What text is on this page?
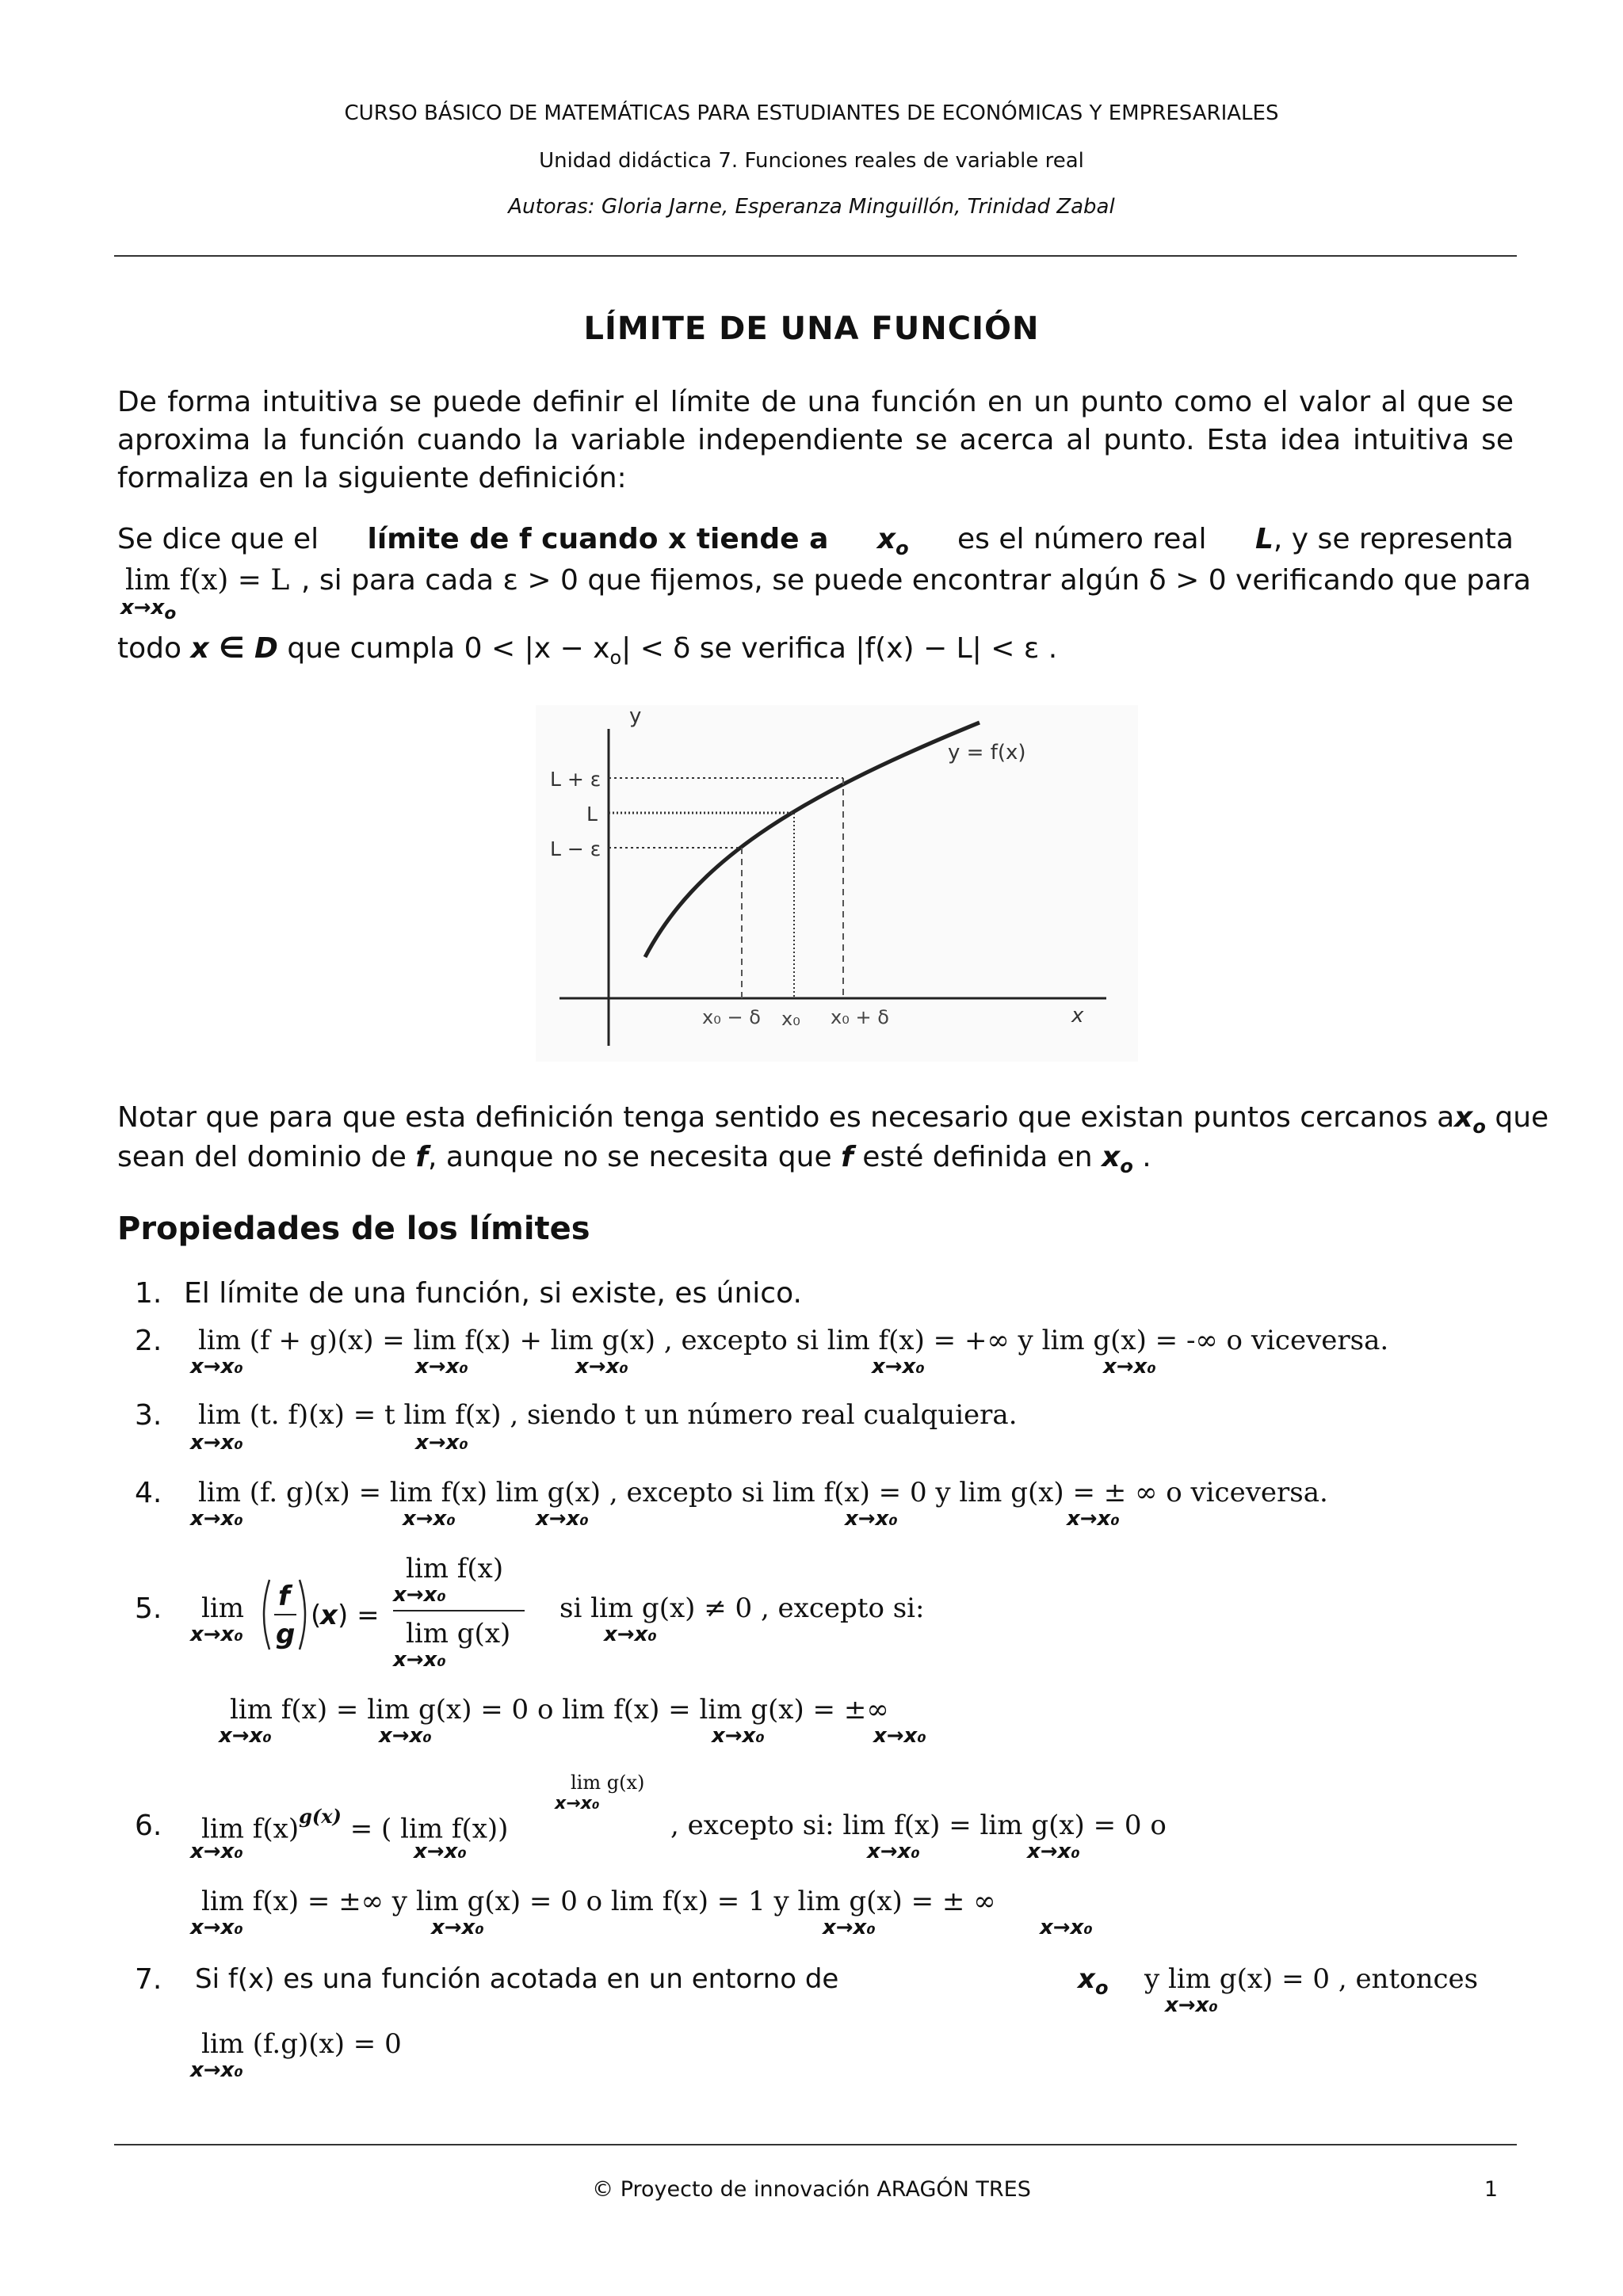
CURSO BÁSICO DE MATEMÁTICAS PARA ESTUDIANTES DE ECONÓMICAS Y EMPRESARIALES
Unidad didáctica 7. Funciones reales de variable real
Autoras: Gloria Jarne, Esperanza Minguillón, Trinidad Zabal
LÍMITE DE UNA FUNCIÓN
De forma intuitiva se puede definir el límite de una función en un punto como el valor al que se aproxima la función cuando la variable independiente se acerca al punto. Esta idea intuitiva se formaliza en la siguiente definición:
Se dice que el límite de f cuando x tiende a $x_o$ es el número real L, y se representa
lim f(x) = L
$x\to x_o$
, si para cada ε > 0 que fijemos, se puede encontrar algún δ > 0 verificando que para
todo x ∈ D que cumpla $0 < |x - x_o| < \delta$ se verifica |f(x) − L| < ε .
y
x
y = f(x)
L + ε
L
L − ε
x₀ − δ x₀ x₀ + δ
Notar que para que esta definición tenga sentido es necesario que existan puntos cercanos a $x_o$ que
sean del dominio de f, aunque no se necesita que f esté definida en $x_o$ .
Propiedades de los límites
1. El límite de una función, si existe, es único.
2. lim (f + g)(x) = lim f(x) + lim g(x) , excepto si lim f(x) = +∞ y lim g(x) = -∞ o viceversa.
x→x₀	x→x₀	x→x₀	x→x₀	x→x₀
3. lim (t. f)(x) = t lim f(x) , siendo t un número real cualquiera.
x→x₀	x→x₀
4. lim (f. g)(x) = lim f(x) lim g(x) , excepto si lim f(x) = 0 y lim g(x) = ± ∞ o viceversa.
x→x₀	x→x₀	x→x₀	x→x₀	x→x₀
5. lim
x→x₀
f
g
(
x ) =
lim f(x)
x→x₀
lim g(x)
x→x₀
si lim g(x) ≠ 0 , excepto si:
x→x₀
lim f(x) = lim g(x) = 0 o lim f(x) = lim g(x) = ±∞
x→x₀	x→x₀	x→x₀	x→x₀
6.
lim g(x)
x→x₀
$\lim f(x)^{g(x)}$ = ( lim f(x))	, excepto si: lim f(x) = lim g(x) = 0 o
x→x₀	x→x₀	x→x₀	x→x₀
lim f(x) = ±∞ y lim g(x) = 0 o lim f(x) = 1 y lim g(x) = ± ∞
x→x₀	x→x₀	x→x₀	x→x₀
7. Si f(x) es una función acotada en un entorno de	$x_o$ y lim g(x) = 0 , entonces
x→x₀
lim (f.g)(x) = 0
x→x₀
© Proyecto de innovación ARAGÓN TRES	1
